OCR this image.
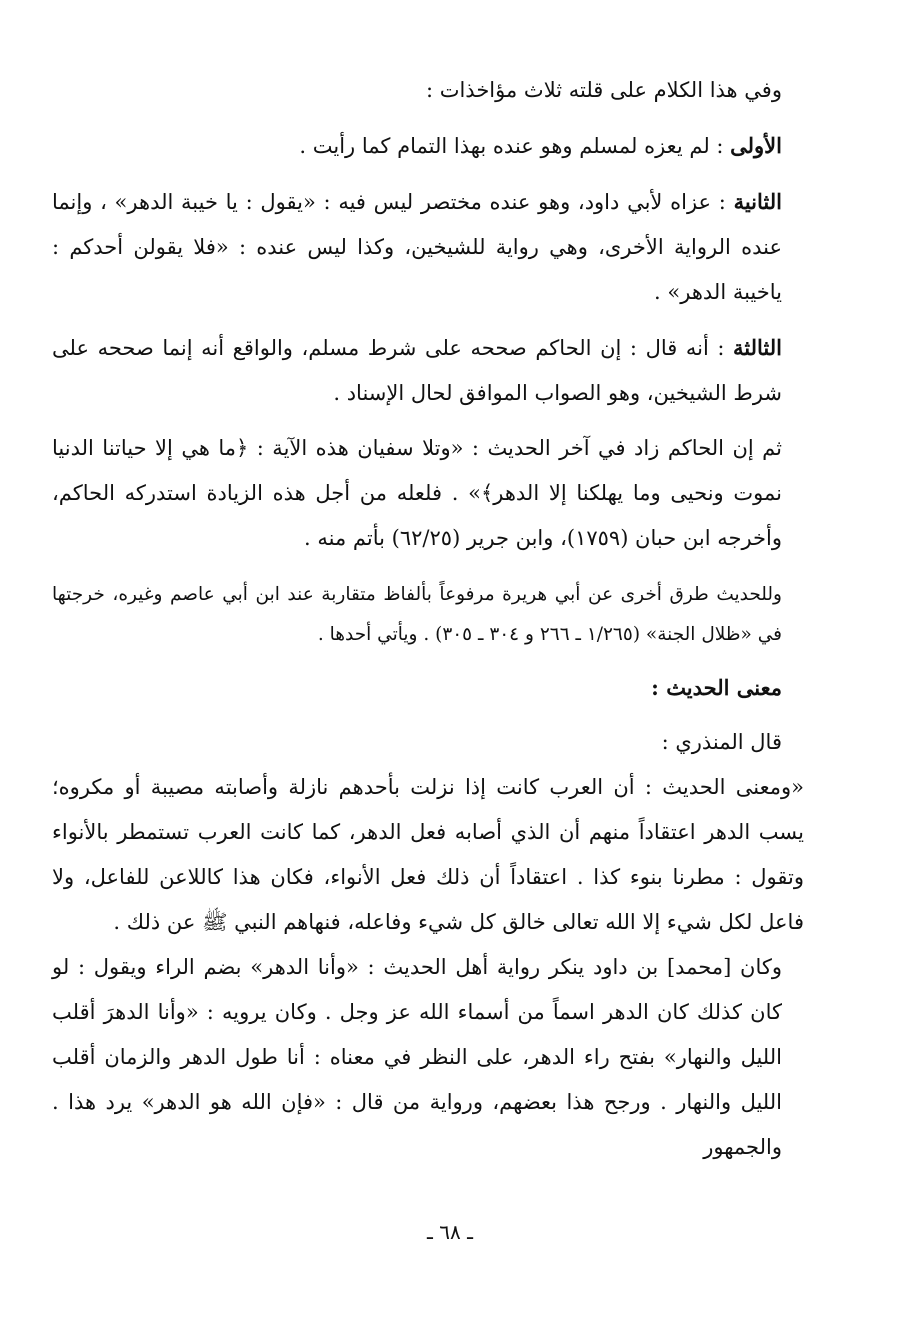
وفي هذا الكلام على قلته ثلاث مؤاخذات :

الأولى : لم يعزه لمسلم وهو عنده بهذا التمام كما رأيت .

الثانية : عزاه لأبي داود، وهو عنده مختصر ليس فيه : «يقول : يا خيبة الدهر» ، وإنما عنده الرواية الأخرى، وهي رواية للشيخين، وكذا ليس عنده : «فلا يقولن أحدكم : ياخيبة الدهر» .

الثالثة : أنه قال : إن الحاكم صححه على شرط مسلم، والواقع أنه إنما صححه على شرط الشيخين، وهو الصواب الموافق لحال الإسناد .

ثم إن الحاكم زاد في آخر الحديث : «وتلا سفيان هذه الآية : ﴿ما هي إلا حياتنا الدنيا نموت ونحيى وما يهلكنا إلا الدهر﴾» . فلعله من أجل هذه الزيادة استدركه الحاكم، وأخرجه ابن حبان (١٧٥٩)، وابن جرير (٦٢/٢٥) بأتم منه .

وللحديث طرق أخرى عن أبي هريرة مرفوعاً بألفاظ متقاربة عند ابن أبي عاصم وغيره، خرجتها في «ظلال الجنة» (١/٢٦٥ ـ ٢٦٦ و ٣٠٤ ـ ٣٠٥) . ويأتي أحدها .

معنى الحديث :

قال المنذري :

«ومعنى الحديث : أن العرب كانت إذا نزلت بأحدهم نازلة وأصابته مصيبة أو مكروه؛ يسب الدهر اعتقاداً منهم أن الذي أصابه فعل الدهر، كما كانت العرب تستمطر بالأنواء وتقول : مطرنا بنوء كذا . اعتقاداً أن ذلك فعل الأنواء، فكان هذا كاللاعن للفاعل، ولا فاعل لكل شيء إلا الله تعالى خالق كل شيء وفاعله، فنهاهم النبي ﷺ عن ذلك .

وكان [محمد] بن داود ينكر رواية أهل الحديث : «وأنا الدهر» بضم الراء ويقول : لو كان كذلك كان الدهر اسماً من أسماء الله عز وجل . وكان يرويه : «وأنا الدهرَ أقلب الليل والنهار» بفتح راء الدهر، على النظر في معناه : أنا طول الدهر والزمان أقلب الليل والنهار . ورجح هذا بعضهم، ورواية من قال : «فإن الله هو الدهر» يرد هذا . والجمهور

ـ ٦٨ ـ
